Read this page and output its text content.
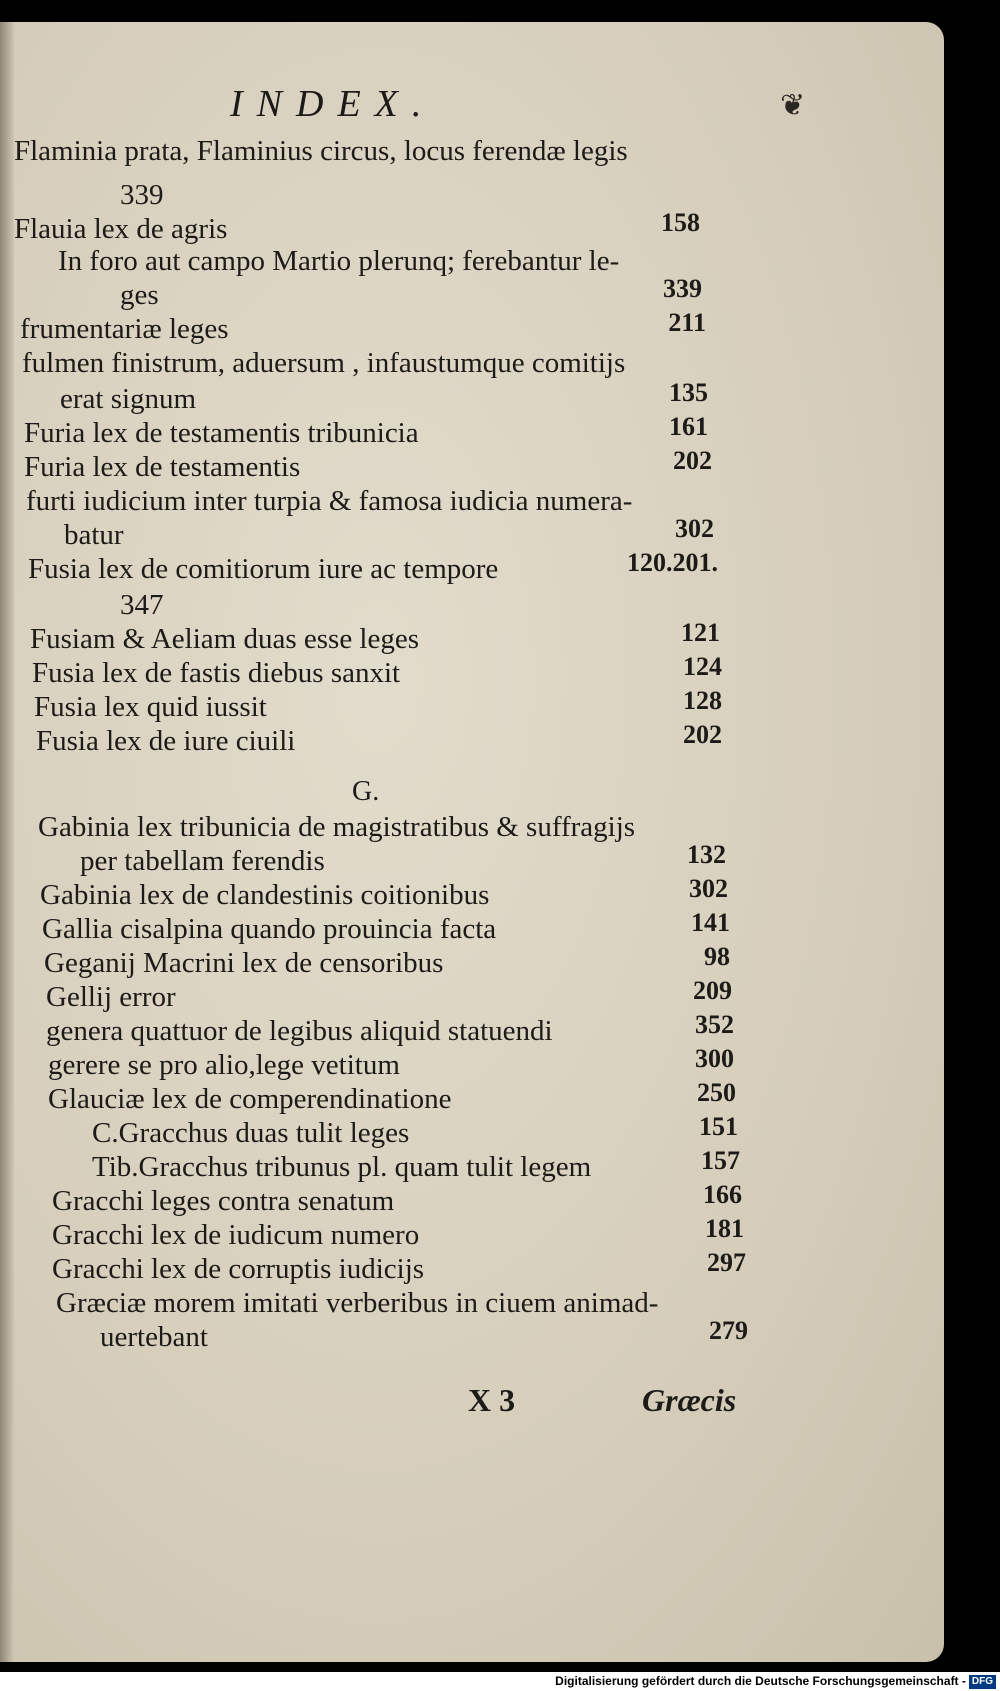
INDEX.	❦
Flaminia prata, Flaminius circus, locus ferendæ legis
339
Flauia lex de agris	158
In foro aut campo Martio plerunq; ferebantur le-
ges	339
frumentariæ leges	211
fulmen finistrum, aduersum , infaustumque comitijs
erat signum	135
Furia lex de testamentis tribunicia	161
Furia lex de testamentis	202
furti iudicium inter turpia & famosa iudicia numera-
batur	302
Fusia lex de comitiorum iure ac tempore	120.201.
347
Fusiam & Aeliam duas esse leges	121
Fusia lex de fastis diebus sanxit	124
Fusia lex quid iussit	128
Fusia lex de iure ciuili	202
Gabinia lex tribunicia de magistratibus & suffragijs
per tabellam ferendis	132
Gabinia lex de clandestinis coitionibus	302
Gallia cisalpina quando prouincia facta	141
Geganij Macrini lex de censoribus	98
Gellij error	209
genera quattuor de legibus aliquid statuendi	352
gerere se pro alio,lege vetitum	300
Glauciæ lex de comperendinatione	250
C.Gracchus duas tulit leges	151
Tib.Gracchus tribunus pl. quam tulit legem	157
Gracchi leges contra senatum	166
Gracchi lex de iudicum numero	181
Gracchi lex de corruptis iudicijs	297
Græciæ morem imitati verberibus in ciuem animad-
uertebant	279
G.
X 3	Græcis
Digitalisierung gefördert durch die Deutsche Forschungsgemeinschaft - DFG
